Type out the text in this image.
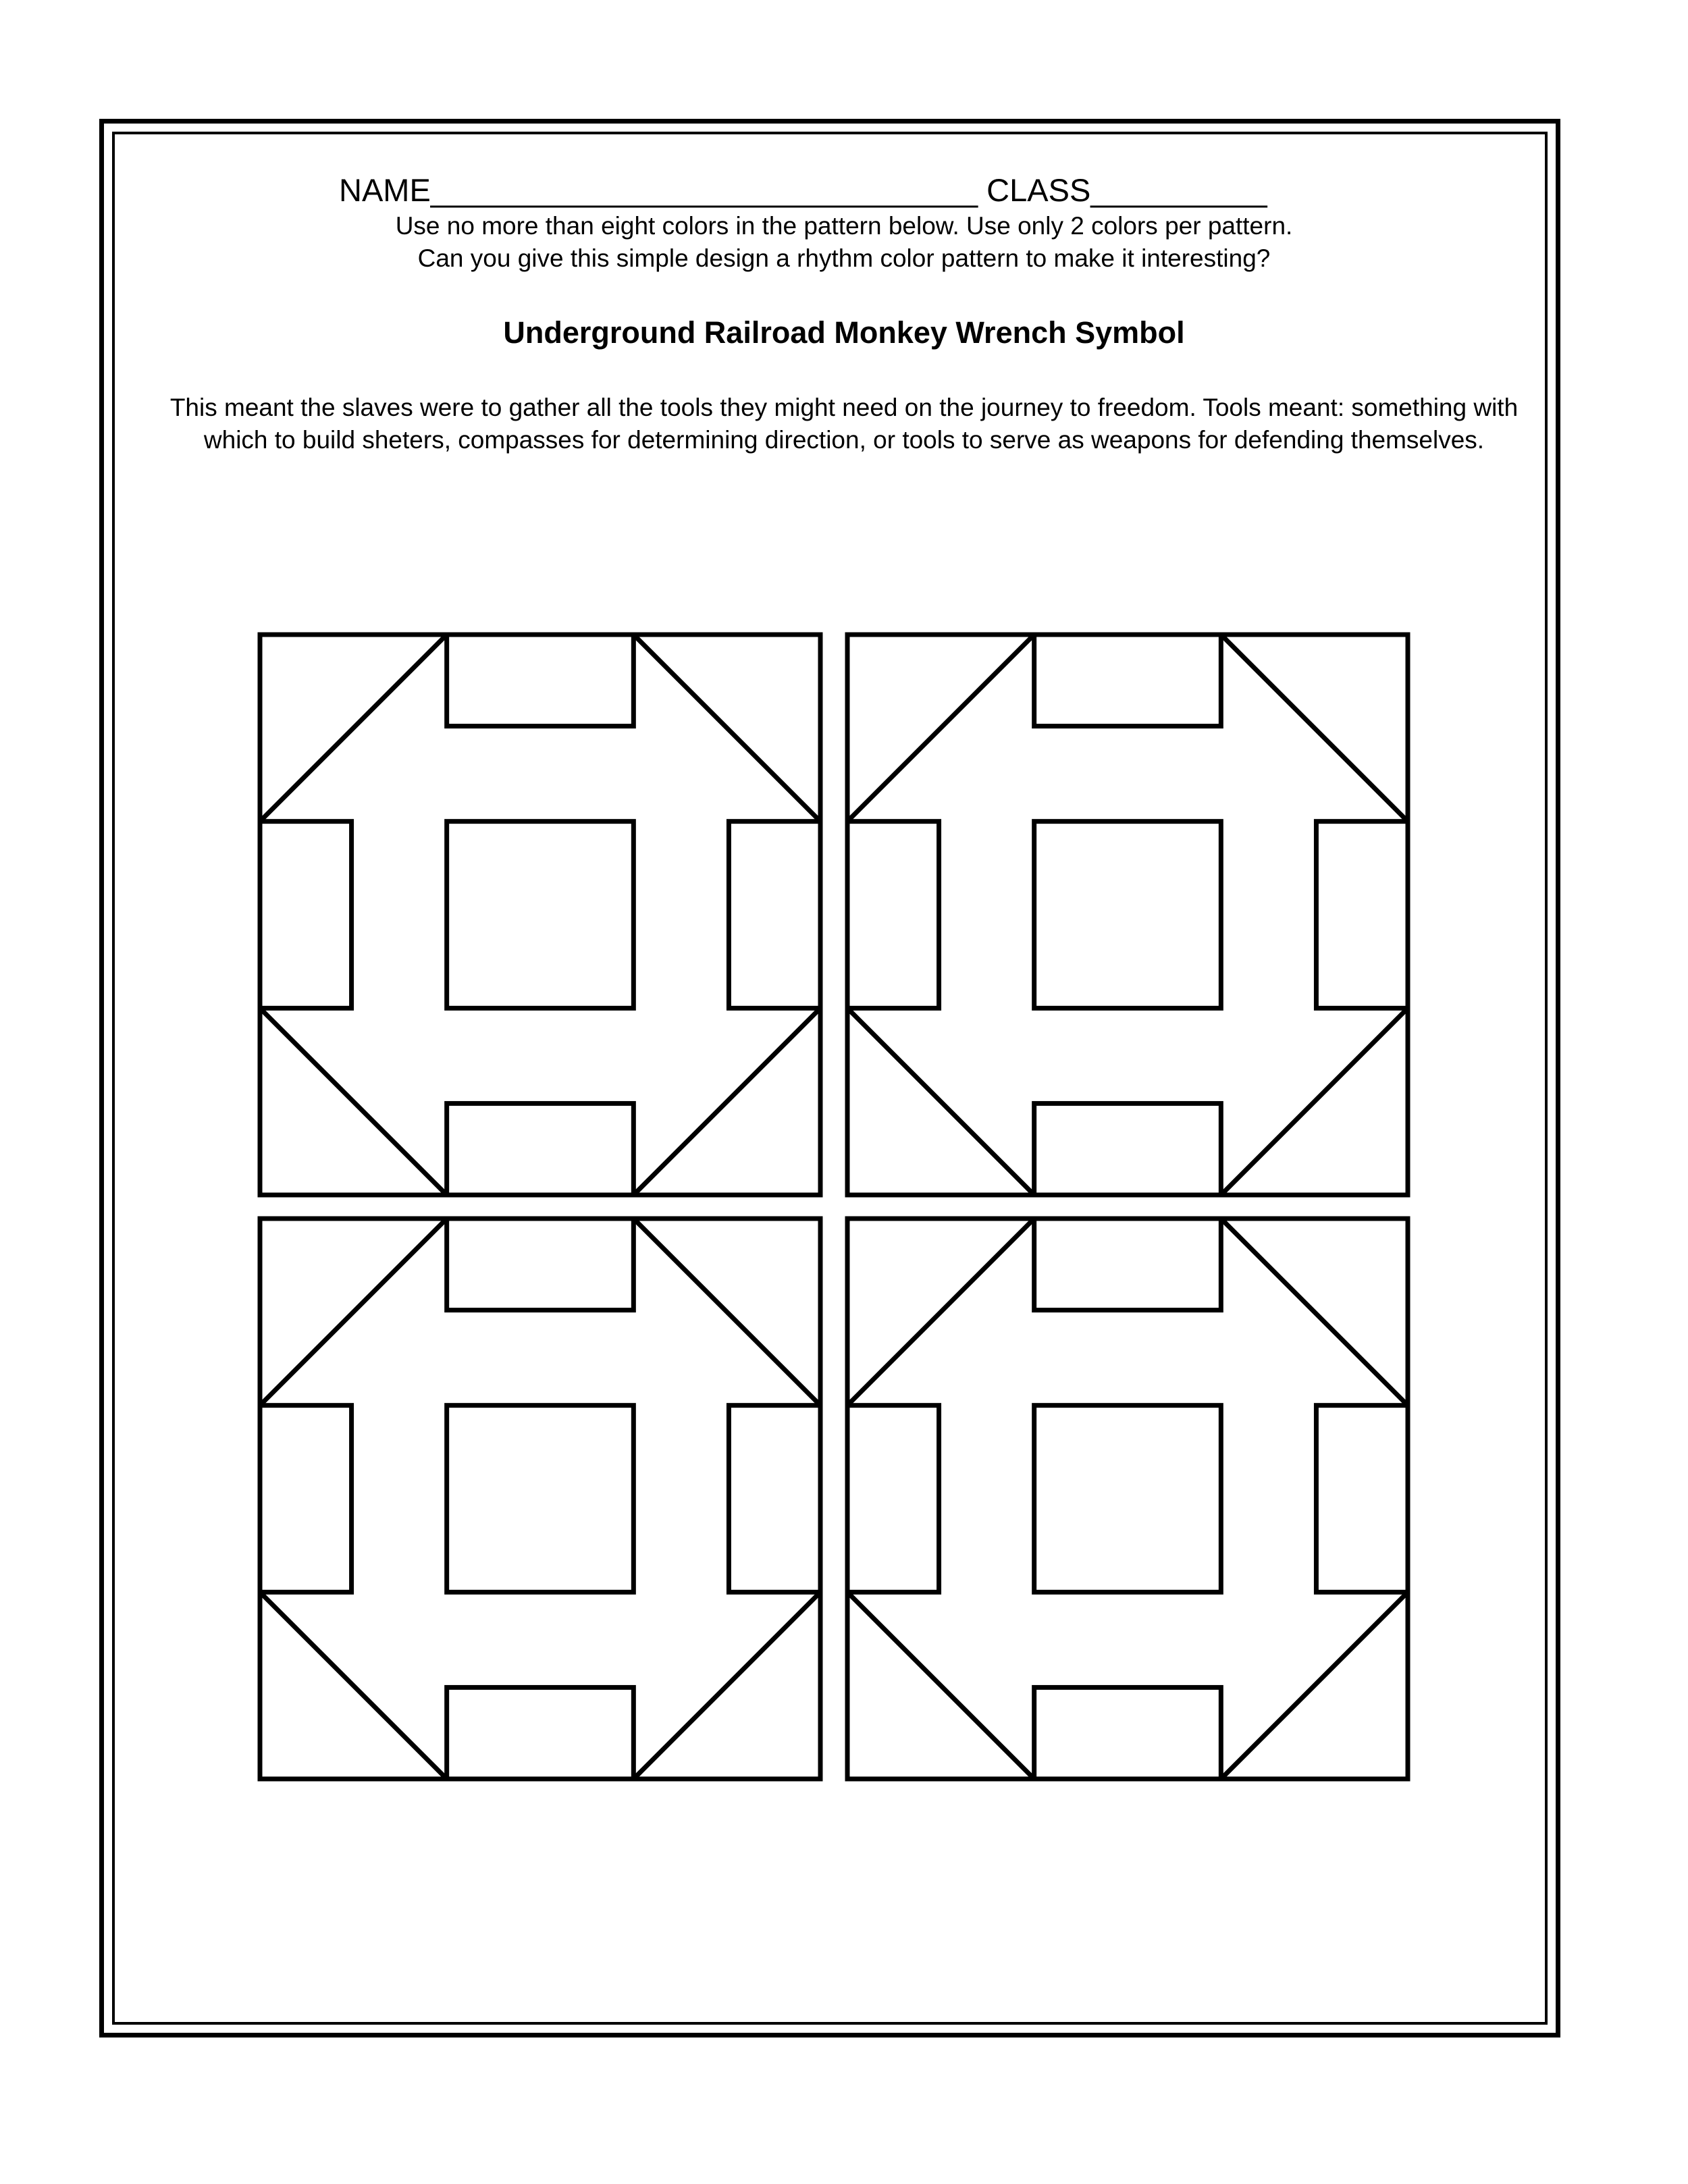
NAME_______________________________ CLASS__________
Use no more than eight colors in the pattern below. Use only 2 colors per pattern.
Can you give this simple design a rhythm color pattern to make it interesting?
Underground Railroad Monkey Wrench Symbol
This meant the slaves were to gather all the tools they might need on the journey to freedom. Tools meant: something with which to build sheters, compasses for determining direction, or tools to serve as weapons for defending themselves.
